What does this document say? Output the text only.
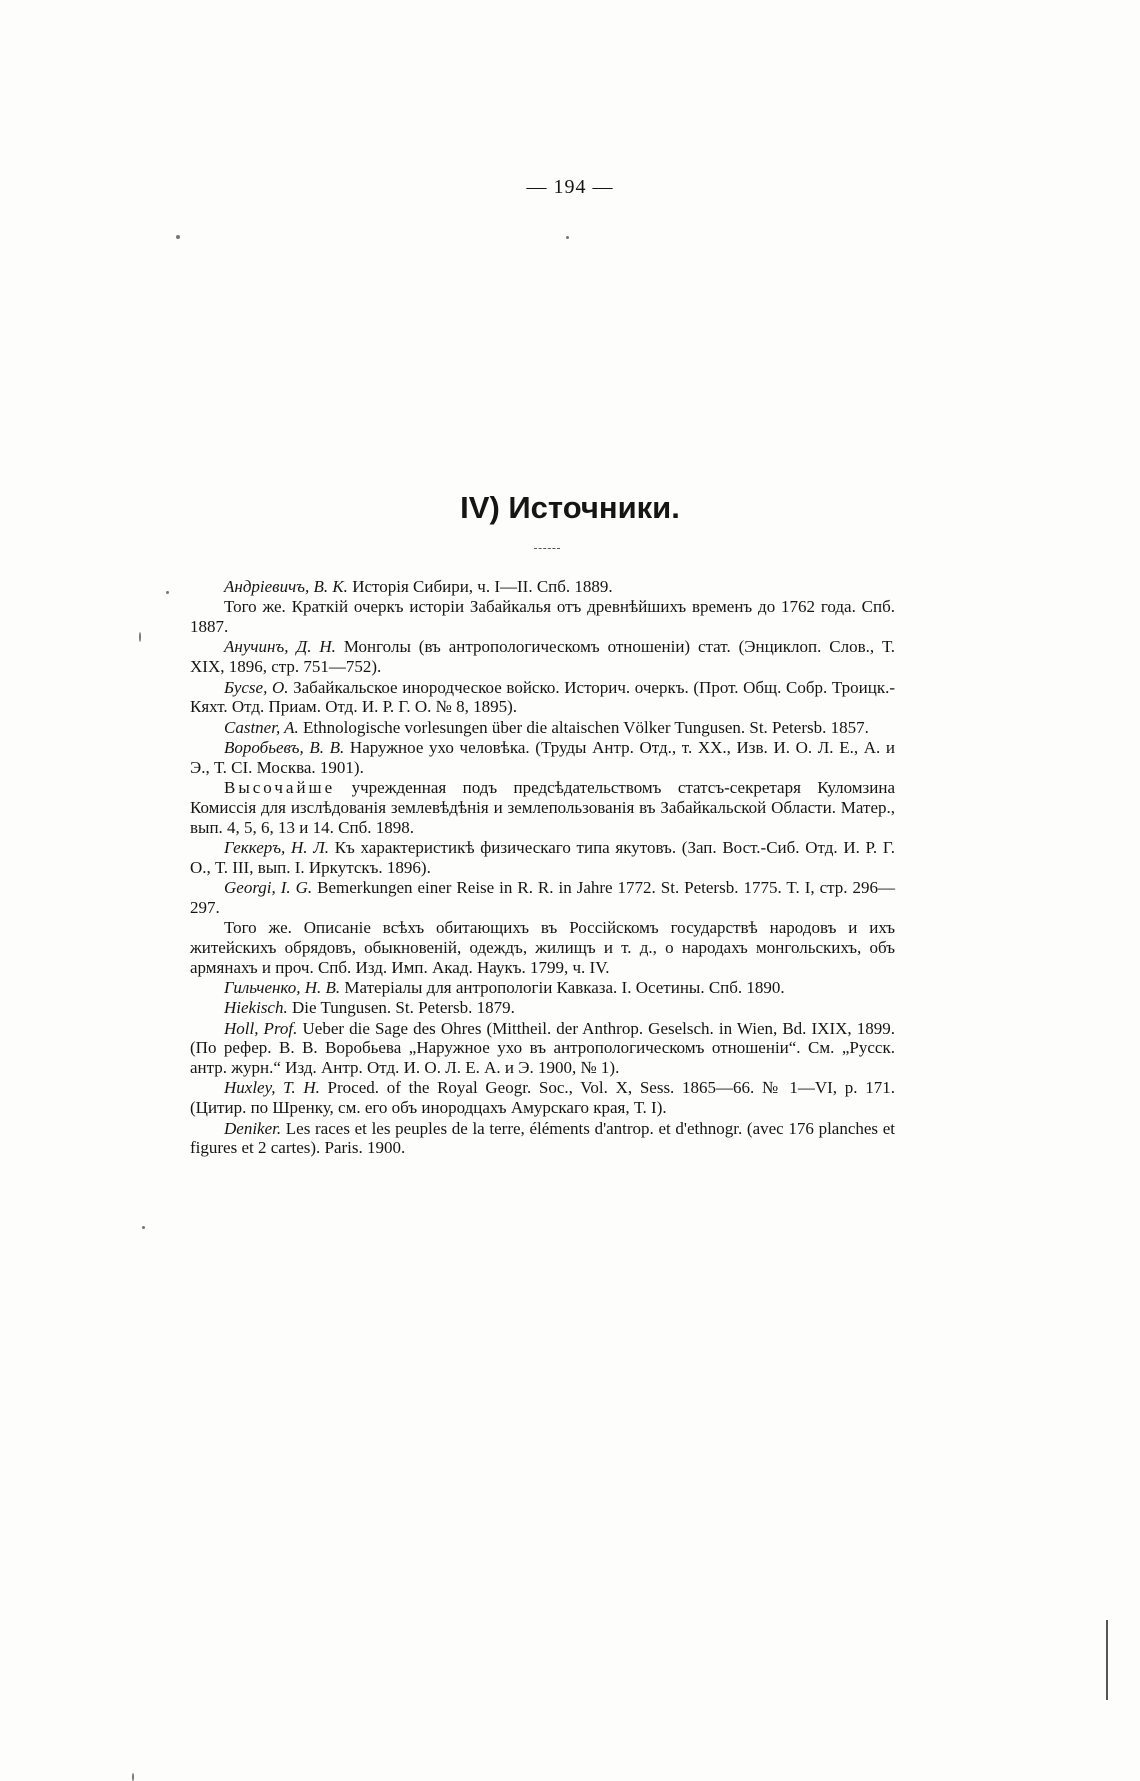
— 194 —
IV) Источники.
Андріевичъ, В. К. Исторія Сибири, ч. I—II. Спб. 1889.
Того же. Краткій очеркъ исторіи Забайкалья отъ древнѣйшихъ временъ до 1762 года. Спб. 1887.
Анучинъ, Д. Н. Монголы (въ антропологическомъ отношеніи) стат. (Энциклоп. Слов., Т. XIX, 1896, стр. 751—752).
Бусse, О. Забайкальское инородческое войско. Историч. очеркъ. (Прот. Общ. Собр. Троицк.-Кяхт. Отд. Приам. Отд. И. Р. Г. О. № 8, 1895).
Castner, A. Ethnologische vorlesungen über die altaischen Völker Tungusen. St. Petersb. 1857.
Воробьевъ, В. В. Наружное ухо человѣка. (Труды Антр. Отд., т. XX., Изв. И. О. Л. Е., А. и Э., Т. CI. Москва. 1901).
Высочайше учрежденная подъ предсѣдательствомъ статсъ-секретаря Куломзина Комиссія для изслѣдованія землевѣдѣнія и землепользованія въ Забайкальской Области. Матер., вып. 4, 5, 6, 13 и 14. Спб. 1898.
Геккеръ, Н. Л. Къ характеристикѣ физическаго типа якутовъ. (Зап. Вост.-Сиб. Отд. И. Р. Г. О., Т. III, вып. I. Иркутскъ. 1896).
Georgi, I. G. Bemerkungen einer Reise in R. R. in Jahre 1772. St. Petersb. 1775. T. I, стр. 296—297.
Того же. Описаніе всѣхъ обитающихъ въ Россійскомъ государствѣ народовъ и ихъ житейскихъ обрядовъ, обыкновеній, одеждъ, жилищъ и т. д., о народахъ монгольскихъ, объ армянахъ и проч. Спб. Изд. Имп. Акад. Наукъ. 1799, ч. IV.
Гильченко, Н. В. Матеріалы для антропологіи Кавказа. I. Осетины. Спб. 1890.
Hiekisch. Die Tungusen. St. Petersb. 1879.
Holl, Prof. Ueber die Sage des Ohres (Mittheil. der Anthrop. Geselsch. in Wien, Bd. IXIX, 1899. (По рефер. В. В. Воробьева „Наружное ухо въ антропологическомъ отношеніи“. См. „Русск. антр. журн.“ Изд. Антр. Отд. И. О. Л. Е. А. и Э. 1900, № 1).
Huxley, T. H. Proced. of the Royal Geogr. Soc., Vol. X, Sess. 1865—66. № 1—VI, p. 171. (Цитир. по Шренку, см. его объ инородцахъ Амурскаго края, Т. I).
Deniker. Les races et les peuples de la terre, éléments d'antrop. et d'ethnogr. (avec 176 planches et figures et 2 cartes). Paris. 1900.
